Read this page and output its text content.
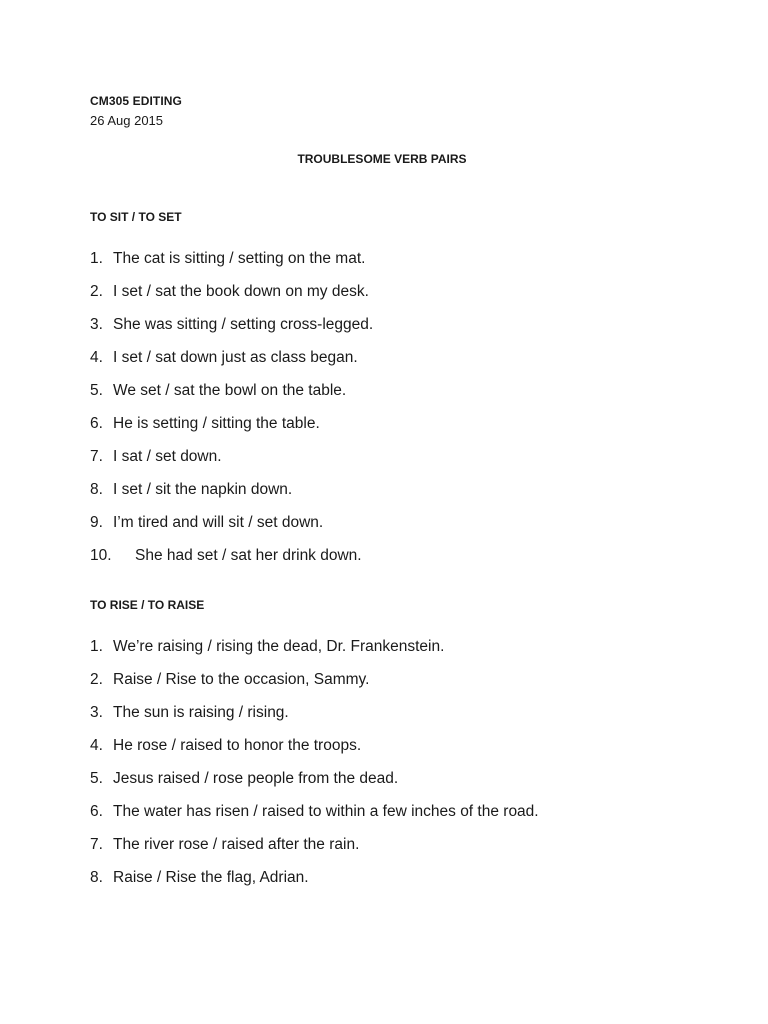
CM305 EDITING
26 Aug 2015
TROUBLESOME VERB PAIRS
TO SIT / TO SET
1. The cat is sitting / setting on the mat.
2. I set / sat the book down on my desk.
3. She was sitting / setting cross-legged.
4. I set / sat down just as class began.
5. We set / sat the bowl on the table.
6. He is setting / sitting the table.
7. I sat / set down.
8. I set / sit the napkin down.
9. I’m tired and will sit / set down.
10.	She had set / sat her drink down.
TO RISE / TO RAISE
1. We’re raising / rising the dead, Dr. Frankenstein.
2. Raise / Rise to the occasion, Sammy.
3. The sun is raising / rising.
4. He rose / raised to honor the troops.
5. Jesus raised / rose people from the dead.
6. The water has risen / raised to within a few inches of the road.
7. The river rose / raised after the rain.
8. Raise / Rise the flag, Adrian.
